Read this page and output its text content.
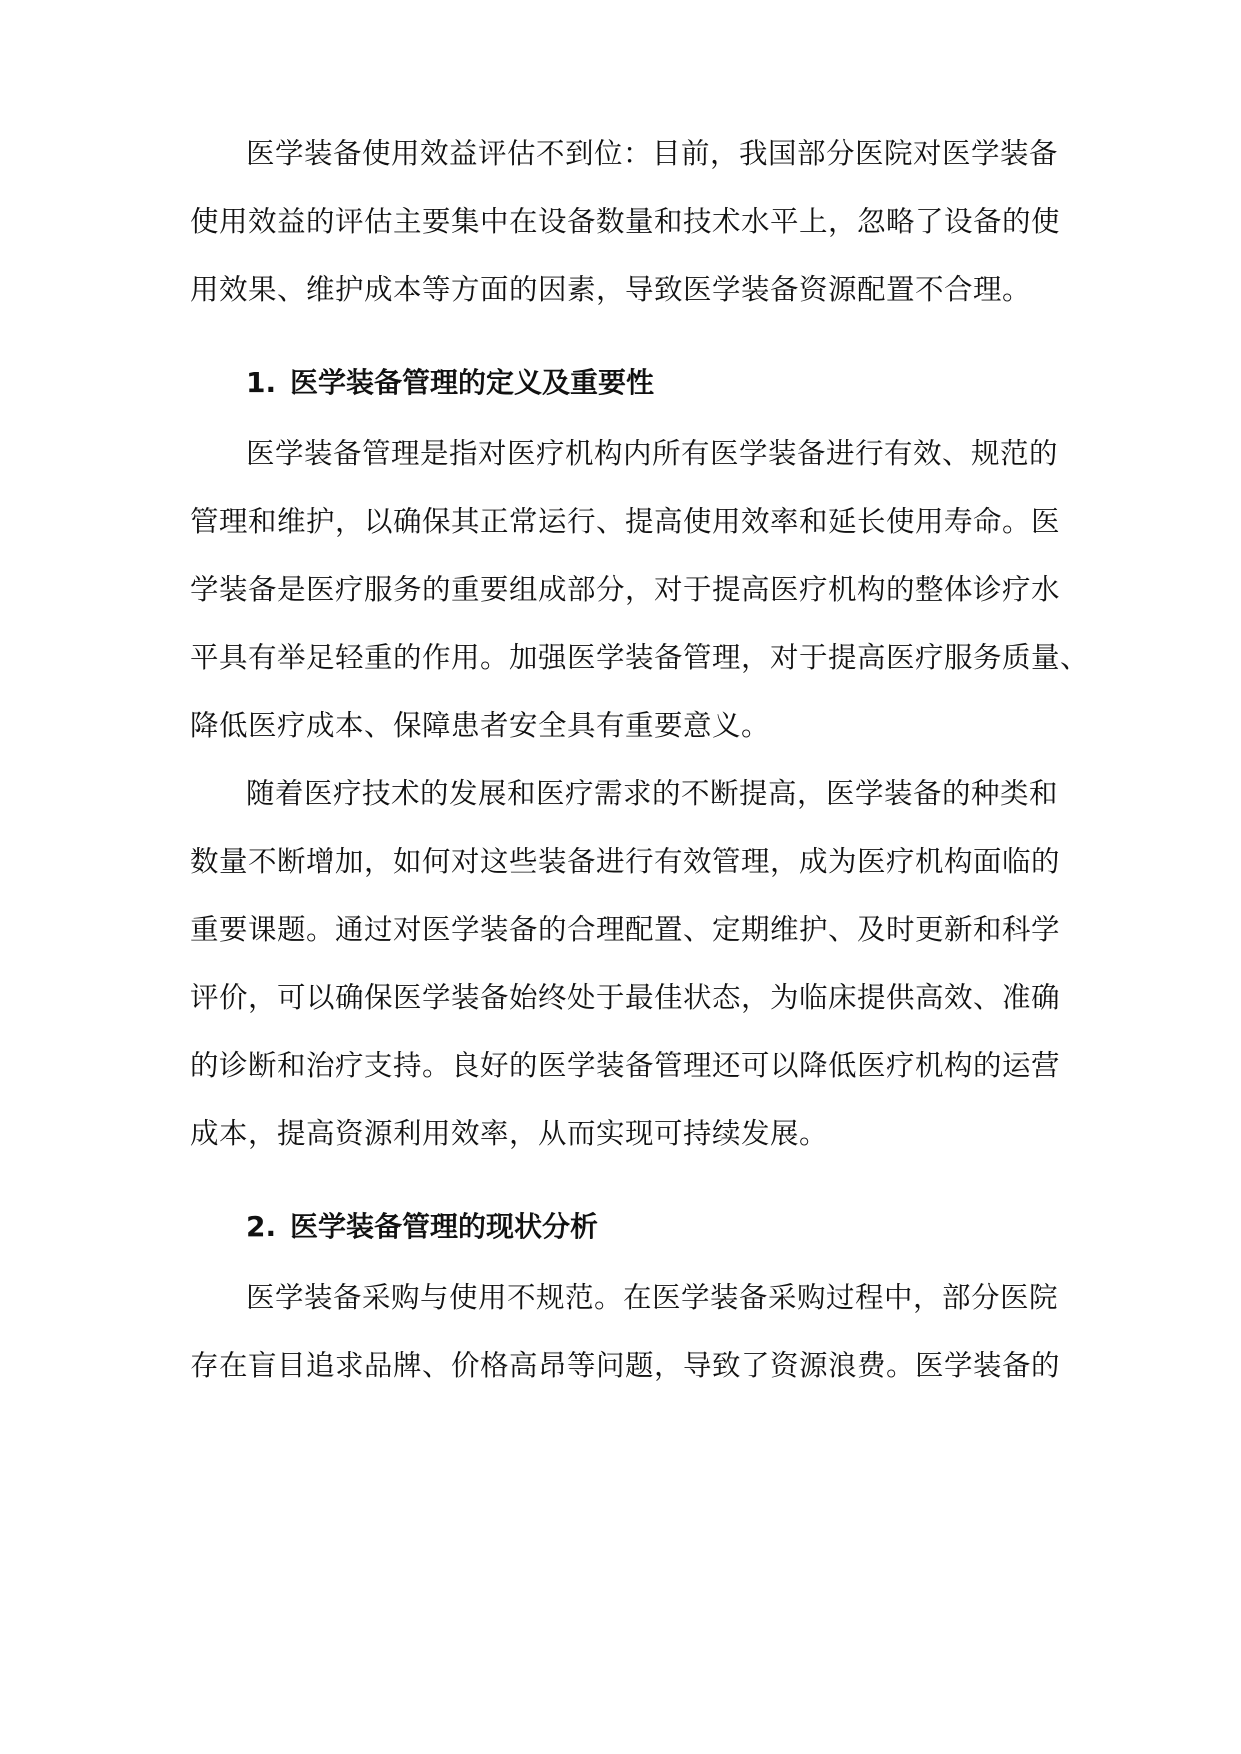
医学装备使用效益评估不到位：目前，我国部分医院对医学装备
使用效益的评估主要集中在设备数量和技术水平上，忽略了设备的使
用效果、维护成本等方面的因素，导致医学装备资源配置不合理。
1. 医学装备管理的定义及重要性
医学装备管理是指对医疗机构内所有医学装备进行有效、规范的
管理和维护，以确保其正常运行、提高使用效率和延长使用寿命。医
学装备是医疗服务的重要组成部分，对于提高医疗机构的整体诊疗水
平具有举足轻重的作用。加强医学装备管理，对于提高医疗服务质量、
降低医疗成本、保障患者安全具有重要意义。
随着医疗技术的发展和医疗需求的不断提高，医学装备的种类和
数量不断增加，如何对这些装备进行有效管理，成为医疗机构面临的
重要课题。通过对医学装备的合理配置、定期维护、及时更新和科学
评价，可以确保医学装备始终处于最佳状态，为临床提供高效、准确
的诊断和治疗支持。良好的医学装备管理还可以降低医疗机构的运营
成本，提高资源利用效率，从而实现可持续发展。
2. 医学装备管理的现状分析
医学装备采购与使用不规范。在医学装备采购过程中，部分医院
存在盲目追求品牌、价格高昂等问题，导致了资源浪费。医学装备的
